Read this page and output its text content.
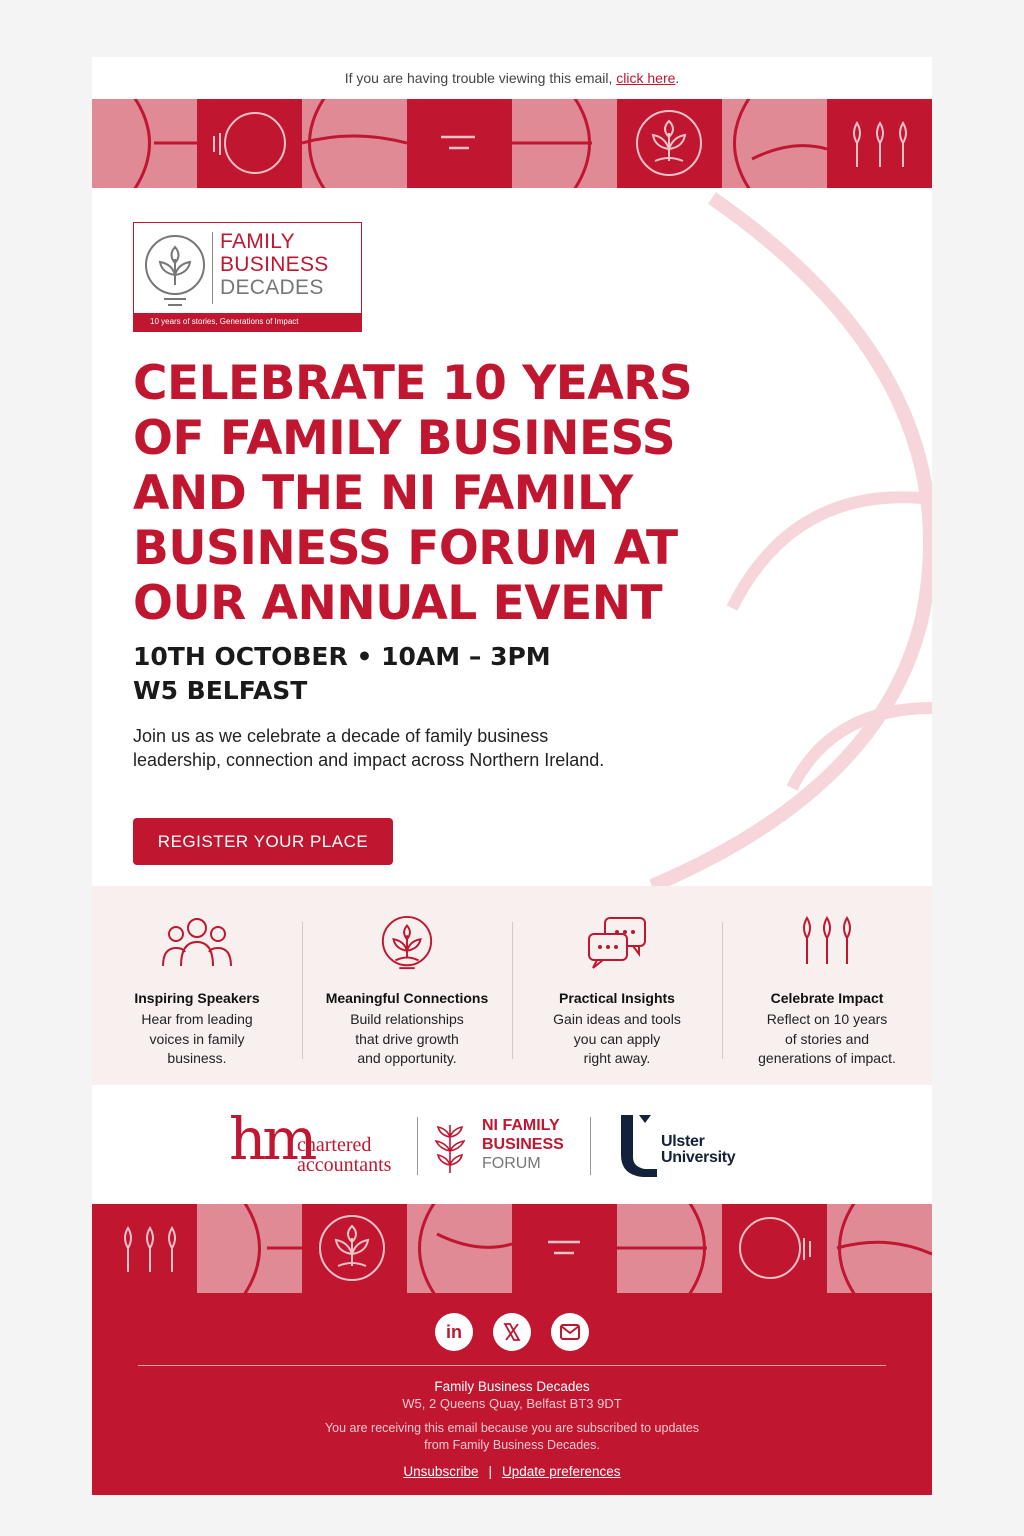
If you are having trouble viewing this email, click here.
FAMILY
BUSINESS
DECADES
10 years of stories, Generations of Impact
CELEBRATE 10 YEARS OF FAMILY BUSINESS AND THE NI FAMILY BUSINESS FORUM AT OUR ANNUAL EVENT
10TH OCTOBER • 10AM – 3PM
W5 BELFAST

Join us as we celebrate a decade of family business leadership, connection and impact across Northern Ireland.

REGISTER YOUR PLACE
Inspiring Speakers
Hear from leading
voices in family
business.
Meaningful Connections
Build relationships
that drive growth
and opportunity.
Practical Insights
Gain ideas and tools
you can apply
right away.
Celebrate Impact
Reflect on 10 years
of stories and
generations of impact.
hm
chartered
accountants
NI FAMILY
BUSINESS
FORUM
Ulster
University
in
Family Business Decades
W5, 2 Queens Quay, Belfast BT3 9DT
You are receiving this email because you are subscribed to updates
from Family Business Decades.
Unsubscribe | Update preferences
